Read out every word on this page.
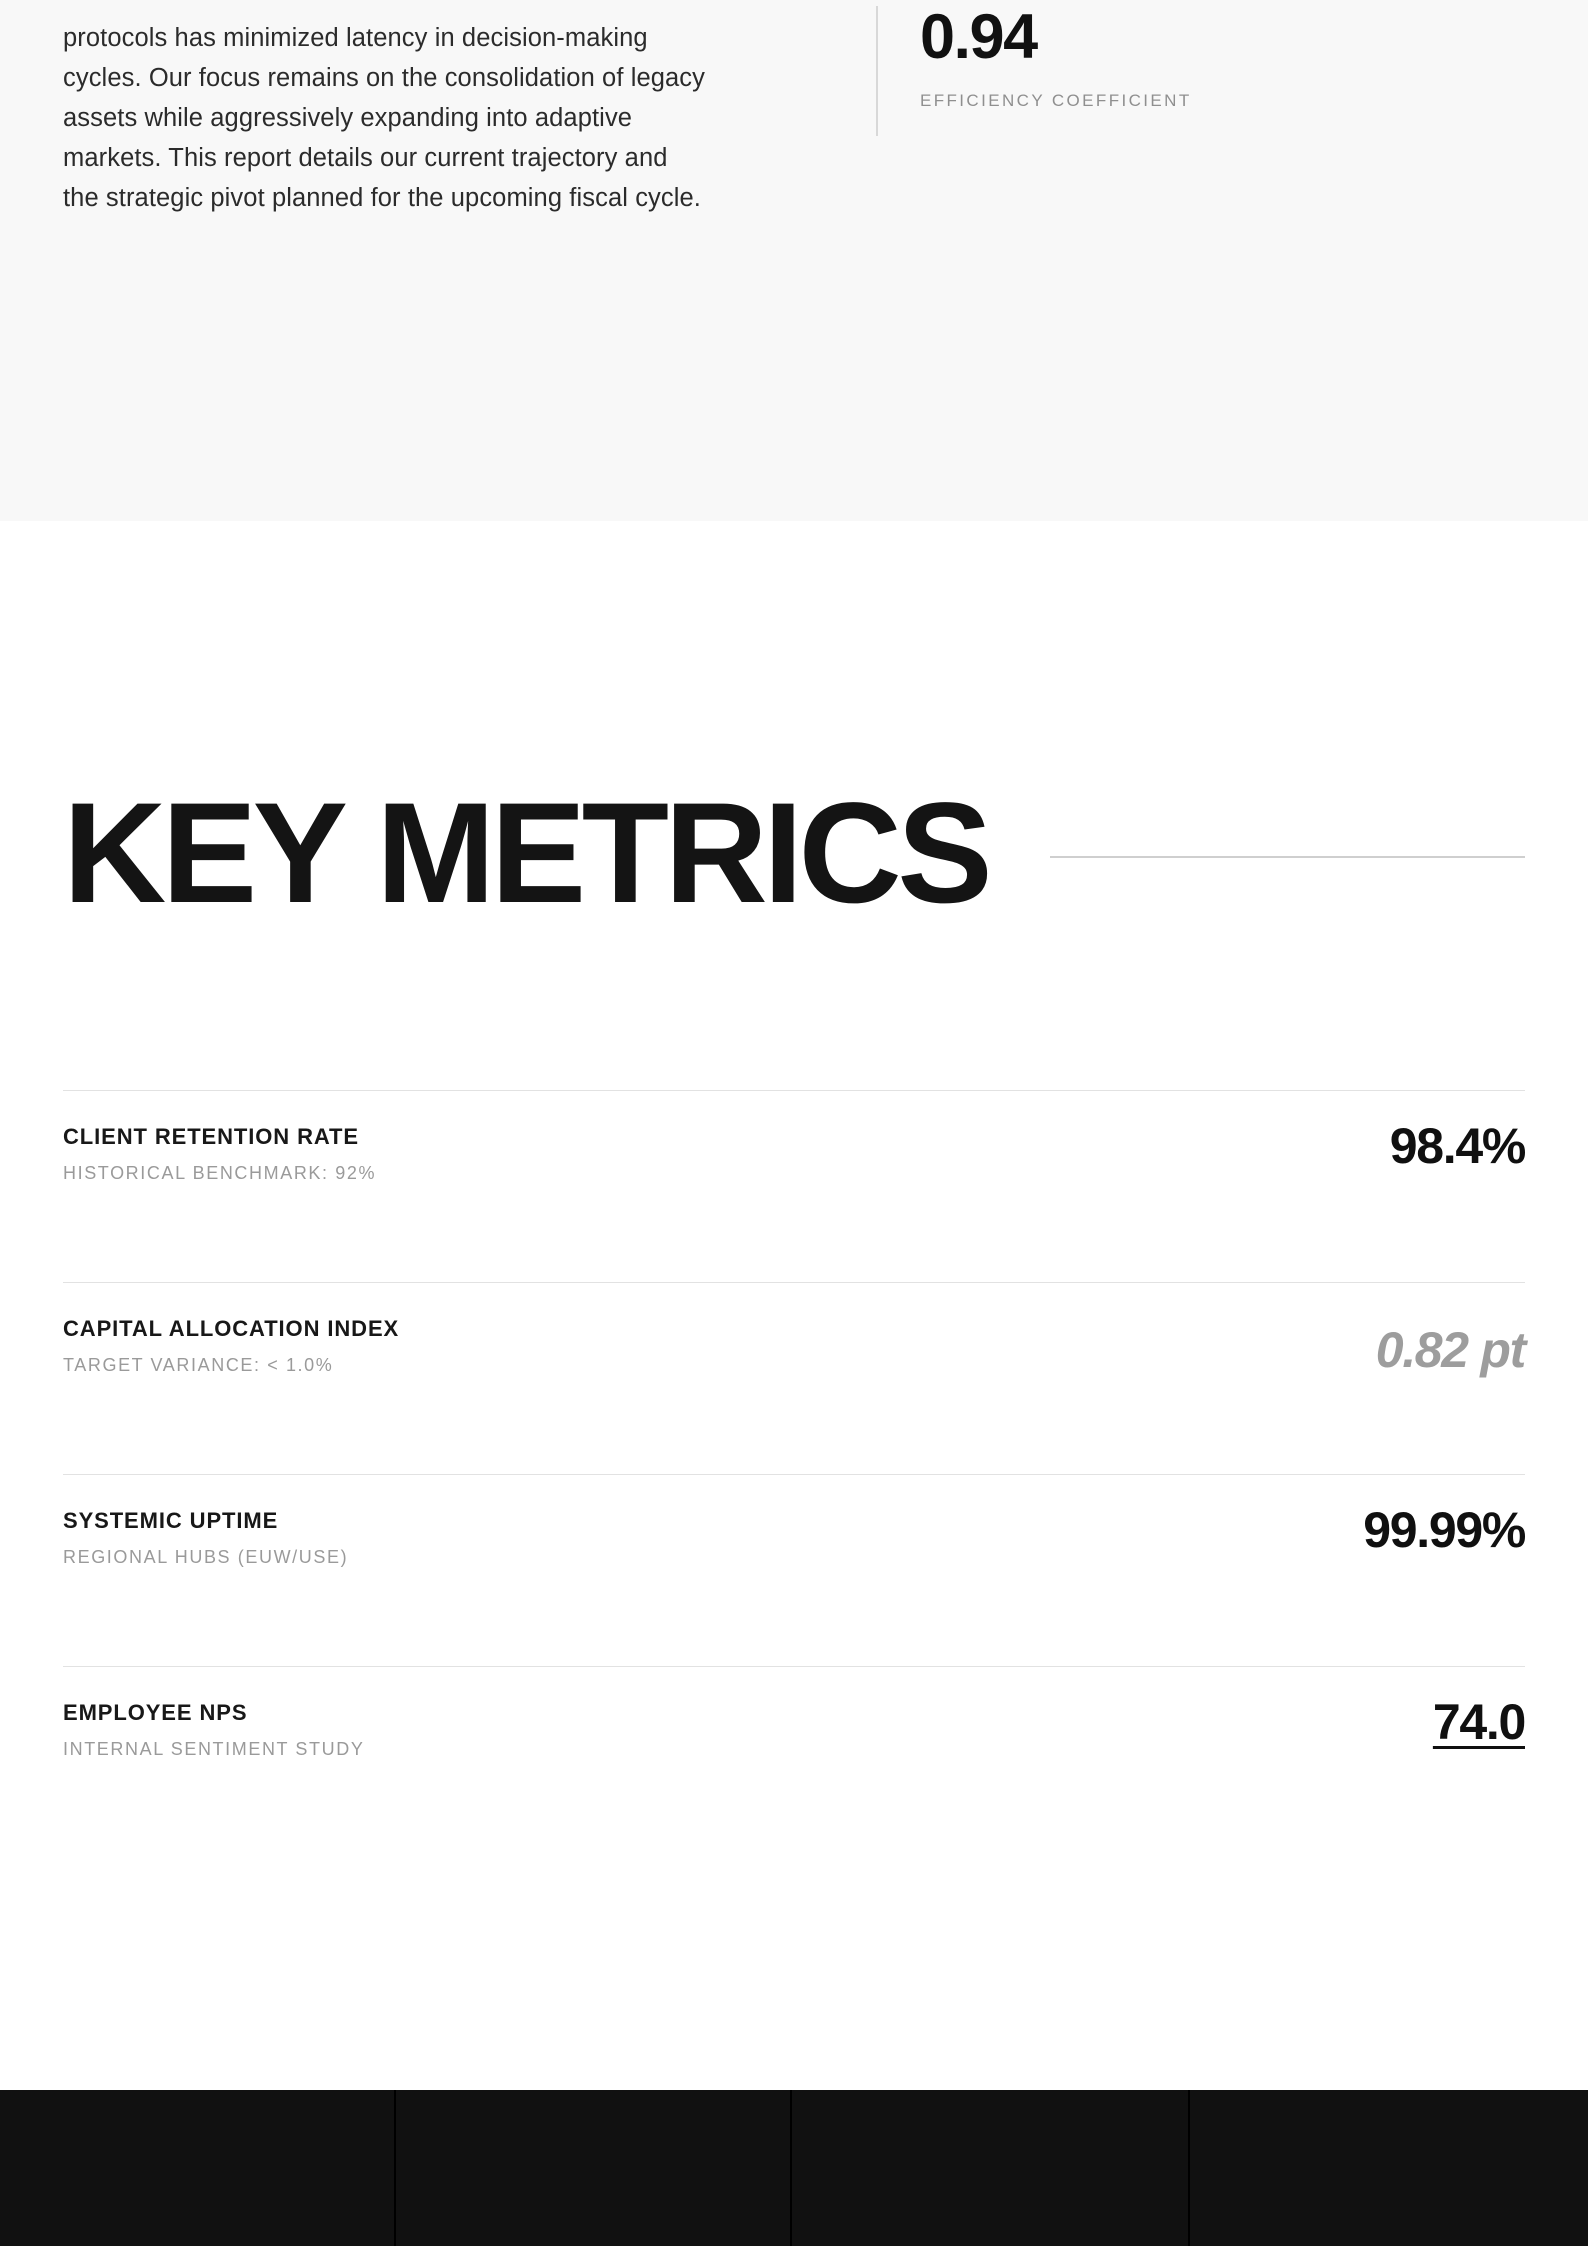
protocols has minimized latency in decision-making cycles. Our focus remains on the consolidation of legacy assets while aggressively expanding into adaptive markets. This report details our current trajectory and the strategic pivot planned for the upcoming fiscal cycle.

0.94
EFFICIENCY COEFFICIENT
KEY METRICS
CLIENT RETENTION RATE
HISTORICAL BENCHMARK: 92%	98.4%
CAPITAL ALLOCATION INDEX
TARGET VARIANCE: < 1.0%	0.82 pt
SYSTEMIC UPTIME
REGIONAL HUBS (EUW/USE)	99.99%
EMPLOYEE NPS
INTERNAL SENTIMENT STUDY	74.0
